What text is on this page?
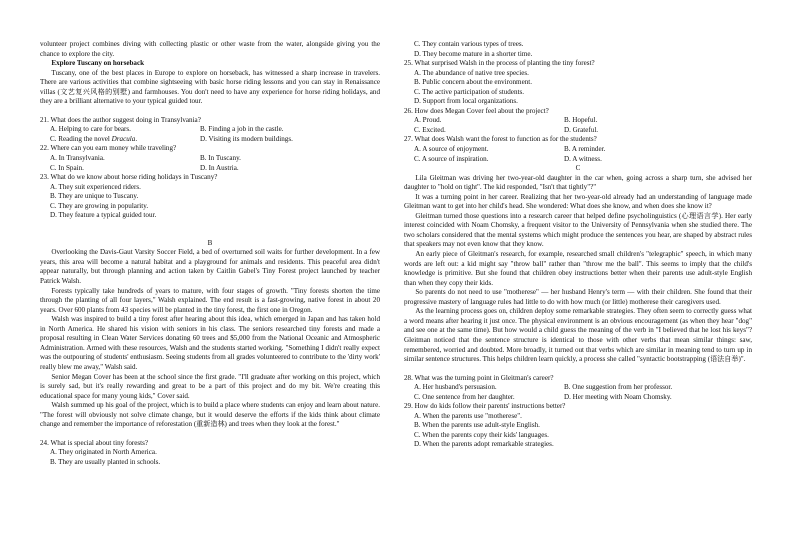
volunteer project combines diving with collecting plastic or other waste from the water, alongside giving you the chance to explore the city.

Explore Tuscany on horseback

Tuscany, one of the best places in Europe to explore on horseback, has witnessed a sharp increase in travelers. There are various activities that combine sightseeing with basic horse riding lessons and you can stay in Renaissance villas (文艺复兴风格的别墅) and farmhouses. You don't need to have any experience for horse riding holidays, and they are a brilliant alternative to your typical guided tour.

21. What does the author suggest doing in Transylvania?

A. Helping to care for bears.	B. Finding a job in the castle.
C. Reading the novel Dracula.	D. Visiting its modern buildings.

22. Where can you earn money while traveling?

A. In Transylvania.	B. In Tuscany.
C. In Spain.	D. In Austria.

23. What do we know about horse riding holidays in Tuscany?

A. They suit experienced riders.

B. They are unique to Tuscany.

C. They are growing in popularity.

D. They feature a typical guided tour.

B

Overlooking the Davis-Gaut Varsity Soccer Field, a bed of overturned soil waits for further development. In a few years, this area will become a natural habitat and a playground for animals and residents. This peaceful area didn't appear naturally, but through planning and action taken by Caitlin Gabel's Tiny Forest project launched by teacher Patrick Walsh.

Forests typically take hundreds of years to mature, with four stages of growth. "Tiny forests shorten the time through the planting of all four layers," Walsh explained. The end result is a fast-growing, native forest in about 20 years. Over 600 plants from 43 species will be planted in the tiny forest, the first one in Oregon.

Walsh was inspired to build a tiny forest after hearing about this idea, which emerged in Japan and has taken hold in North America. He shared his vision with seniors in his class. The seniors researched tiny forests and made a proposal resulting in Clean Water Services donating 60 trees and $5,000 from the National Oceanic and Atmospheric Administration. Armed with these resources, Walsh and the students started working. "Something I didn't really expect was the outpouring of students' enthusiasm. Seeing students from all grades volunteered to contribute to the 'dirty work' really blew me away," Walsh said.

Senior Megan Cover has been at the school since the first grade. "I'll graduate after working on this project, which is surely sad, but it's really rewarding and great to be a part of this project and do my bit. We're creating this educational space for many young kids," Cover said.

Walsh summed up his goal of the project, which is to build a place where students can enjoy and learn about nature. "The forest will obviously not solve climate change, but it would deserve the efforts if the kids think about climate change and remember the importance of reforestation (重新造林) and trees when they look at the forest."

24. What is special about tiny forests?

A. They originated in North America.

B. They are usually planted in schools.

C. They contain various types of trees.

D. They become mature in a shorter time.

25. What surprised Walsh in the process of planting the tiny forest?

A. The abundance of native tree species.

B. Public concern about the environment.

C. The active participation of students.

D. Support from local organizations.

26. How does Megan Cover feel about the project?

A. Proud.	B. Hopeful.
C. Excited.	D. Grateful.

27. What does Walsh want the forest to function as for the students?

A. A source of enjoyment.	B. A reminder.
C. A source of inspiration.	D. A witness.

C

Lila Gleitman was driving her two-year-old daughter in the car when, going across a sharp turn, she advised her daughter to "hold on tight". The kid responded, "Isn't that tightly"?"

It was a turning point in her career. Realizing that her two-year-old already had an understanding of language made Gleitman want to get into her child's head. She wondered: What does she know, and when does she know it?

Gleitman turned those questions into a research career that helped define psycholinguistics (心理语言学). Her early interest coincided with Noam Chomsky, a frequent visitor to the University of Pennsylvania when she studied there. The two scholars considered that the mental systems which might produce the sentences you hear, are shaped by abstract rules that speakers may not even know that they know.

An early piece of Gleitman's research, for example, researched small children's "telegraphic" speech, in which many words are left out: a kid might say "throw ball" rather than "throw me the ball". This seems to imply that the child's knowledge is primitive. But she found that children obey instructions better when their parents use adult-style English than when they copy their kids.

So parents do not need to use "motherese" — her husband Henry's term — with their children. She found that their progressive mastery of language rules had little to do with how much (or little) motherese their caregivers used.

As the learning process goes on, children deploy some remarkable strategies. They often seem to correctly guess what a word means after hearing it just once. The physical environment is an obvious encouragement (as when they hear "dog" and see one at the same time). But how would a child guess the meaning of the verb in "I believed that he lost his keys"? Gleitman noticed that the sentence structure is identical to those with other verbs that mean similar things: saw, remembered, worried and doubted. More broadly, it turned out that verbs which are similar in meaning tend to turn up in similar sentence structures. This helps children learn quickly, a process she called "syntactic bootstrapping (语法自举)".

28. What was the turning point in Gleitman's career?

A. Her husband's persuasion.	B. One suggestion from her professor.
C. One sentence from her daughter.	D. Her meeting with Noam Chomsky.

29. How do kids follow their parents' instructions better?

A. When the parents use "motherese".

B. When the parents use adult-style English.

C. When the parents copy their kids' languages.

D. When the parents adopt remarkable strategies.
